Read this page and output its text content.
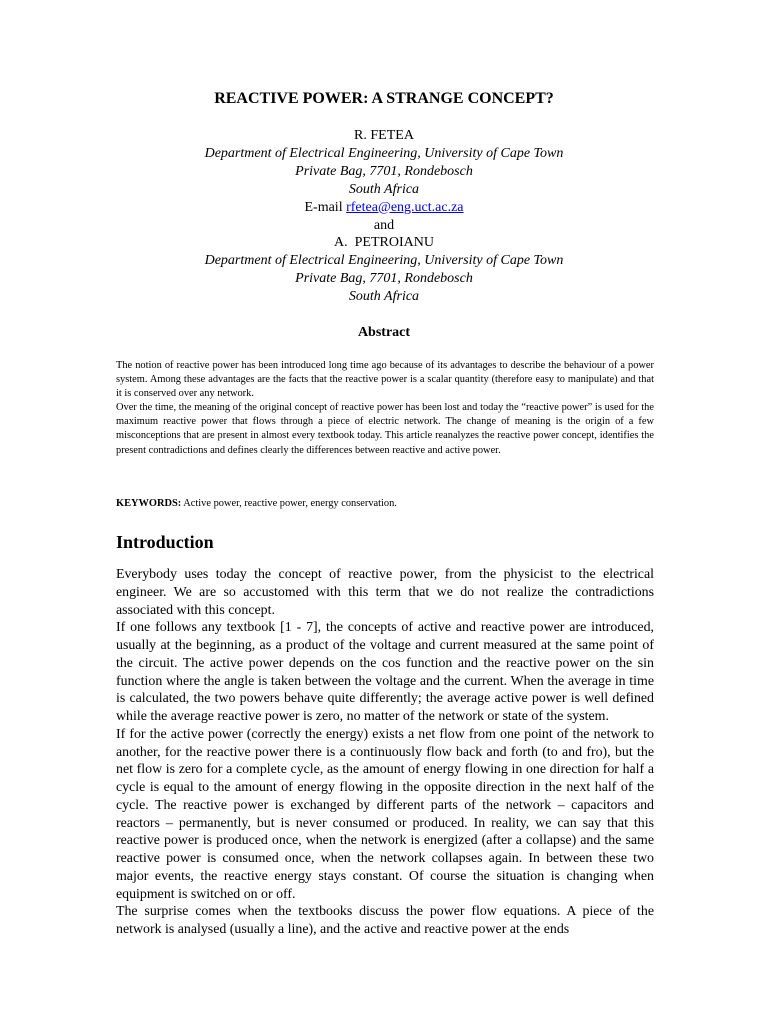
REACTIVE POWER: A STRANGE CONCEPT?
R. FETEA
Department of Electrical Engineering, University of Cape Town
Private Bag, 7701, Rondebosch
South Africa
E-mail rfetea@eng.uct.ac.za
and
A.  PETROIANU
Department of Electrical Engineering, University of Cape Town
Private Bag, 7701, Rondebosch
South Africa
Abstract

The notion of reactive power has been introduced long time ago because of its advantages to describe the behaviour of a power system. Among these advantages are the facts that the reactive power is a scalar quantity (therefore easy to manipulate) and that it is conserved over any network.

Over the time, the meaning of the original concept of reactive power has been lost and today the “reactive power” is used for the maximum reactive power that flows through a piece of electric network. The change of meaning is the origin of a few misconceptions that are present in almost every textbook today. This article reanalyzes the reactive power concept, identifies the present contradictions and defines clearly the differences between reactive and active power.

KEYWORDS: Active power, reactive power, energy conservation.
Introduction

Everybody uses today the concept of reactive power, from the physicist to the electrical engineer. We are so accustomed with this term that we do not realize the contradictions associated with this concept.

If one follows any textbook [1 - 7], the concepts of active and reactive power are introduced, usually at the beginning, as a product of the voltage and current measured at the same point of the circuit. The active power depends on the cos function and the reactive power on the sin function where the angle is taken between the voltage and the current. When the average in time is calculated, the two powers behave quite differently; the average active power is well defined while the average reactive power is zero, no matter of the network or state of the system.

If for the active power (correctly the energy) exists a net flow from one point of the network to another, for the reactive power there is a continuously flow back and forth (to and fro), but the net flow is zero for a complete cycle, as the amount of energy flowing in one direction for half a cycle is equal to the amount of energy flowing in the opposite direction in the next half of the cycle. The reactive power is exchanged by different parts of the network – capacitors and reactors – permanently, but is never consumed or produced. In reality, we can say that this reactive power is produced once, when the network is energized (after a collapse) and the same reactive power is consumed once, when the network collapses again. In between these two major events, the reactive energy stays constant. Of course the situation is changing when equipment is switched on or off.

The surprise comes when the textbooks discuss the power flow equations. A piece of the network is analysed (usually a line), and the active and reactive power at the ends
